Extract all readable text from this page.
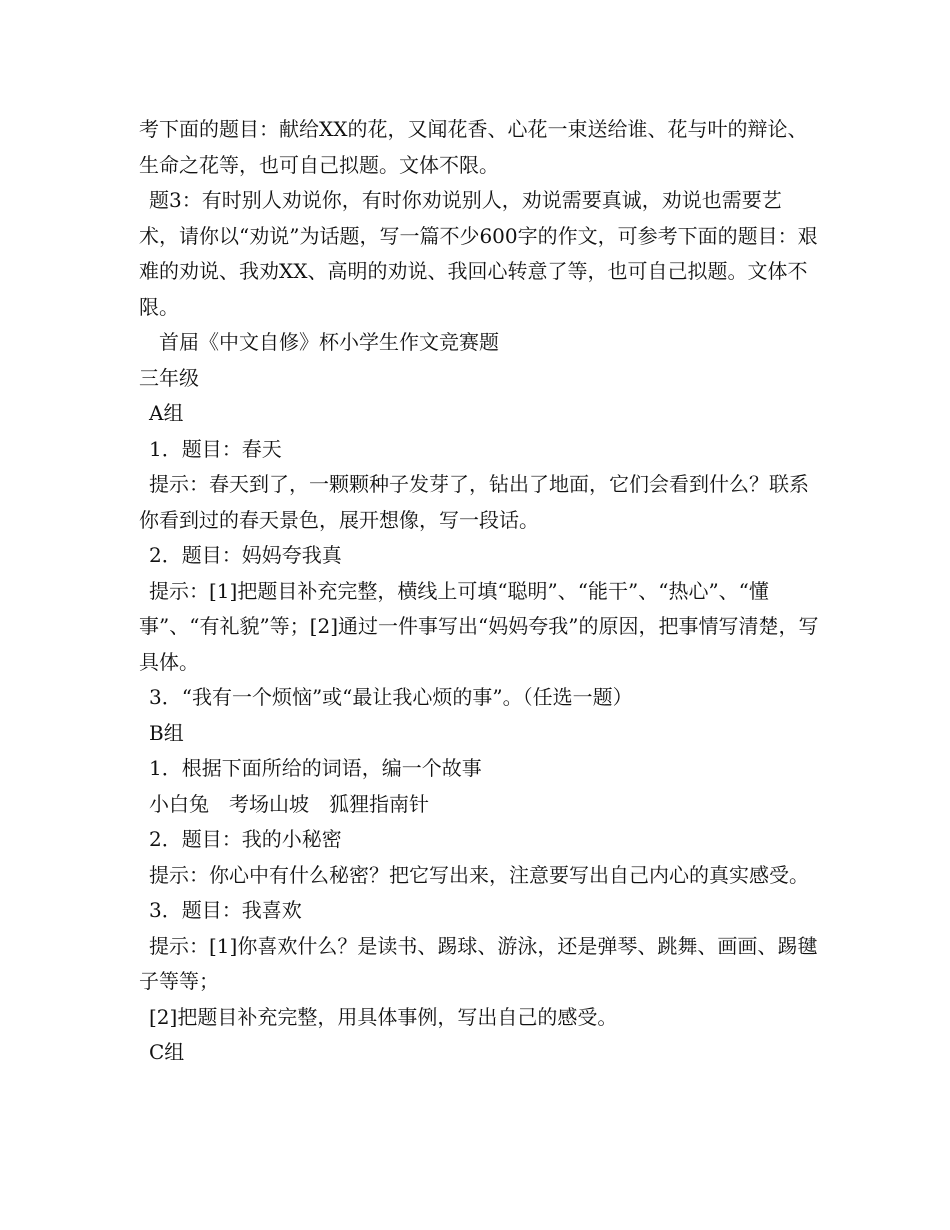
考下面的题目：献给XX的花，又闻花香、心花一束送给谁、花与叶的辩论、生命之花等，也可自己拟题。文体不限。

题3：有时别人劝说你，有时你劝说别人，劝说需要真诚，劝说也需要艺术，请你以“劝说”为话题，写一篇不少600字的作文，可参考下面的题目：艰难的劝说、我劝XX、高明的劝说、我回心转意了等，也可自己拟题。文体不限。

首届《中文自修》杯小学生作文竞赛题

三年级

A组

1．题目：春天

提示：春天到了，一颗颗种子发芽了，钻出了地面，它们会看到什么？联系你看到过的春天景色，展开想像，写一段话。

2．题目：妈妈夸我真

提示：[1]把题目补充完整，横线上可填“聪明”、“能干”、“热心”、“懂事”、“有礼貌”等；[2]通过一件事写出“妈妈夸我”的原因，把事情写清楚，写具体。

3．“我有一个烦恼”或“最让我心烦的事”。（任选一题）

B组

1．根据下面所给的词语，编一个故事

小白兔　考场山坡　狐狸指南针

2．题目：我的小秘密

提示：你心中有什么秘密？把它写出来，注意要写出自己内心的真实感受。

3．题目：我喜欢

提示：[1]你喜欢什么？是读书、踢球、游泳，还是弹琴、跳舞、画画、踢毽子等等；

[2]把题目补充完整，用具体事例，写出自己的感受。

C组
